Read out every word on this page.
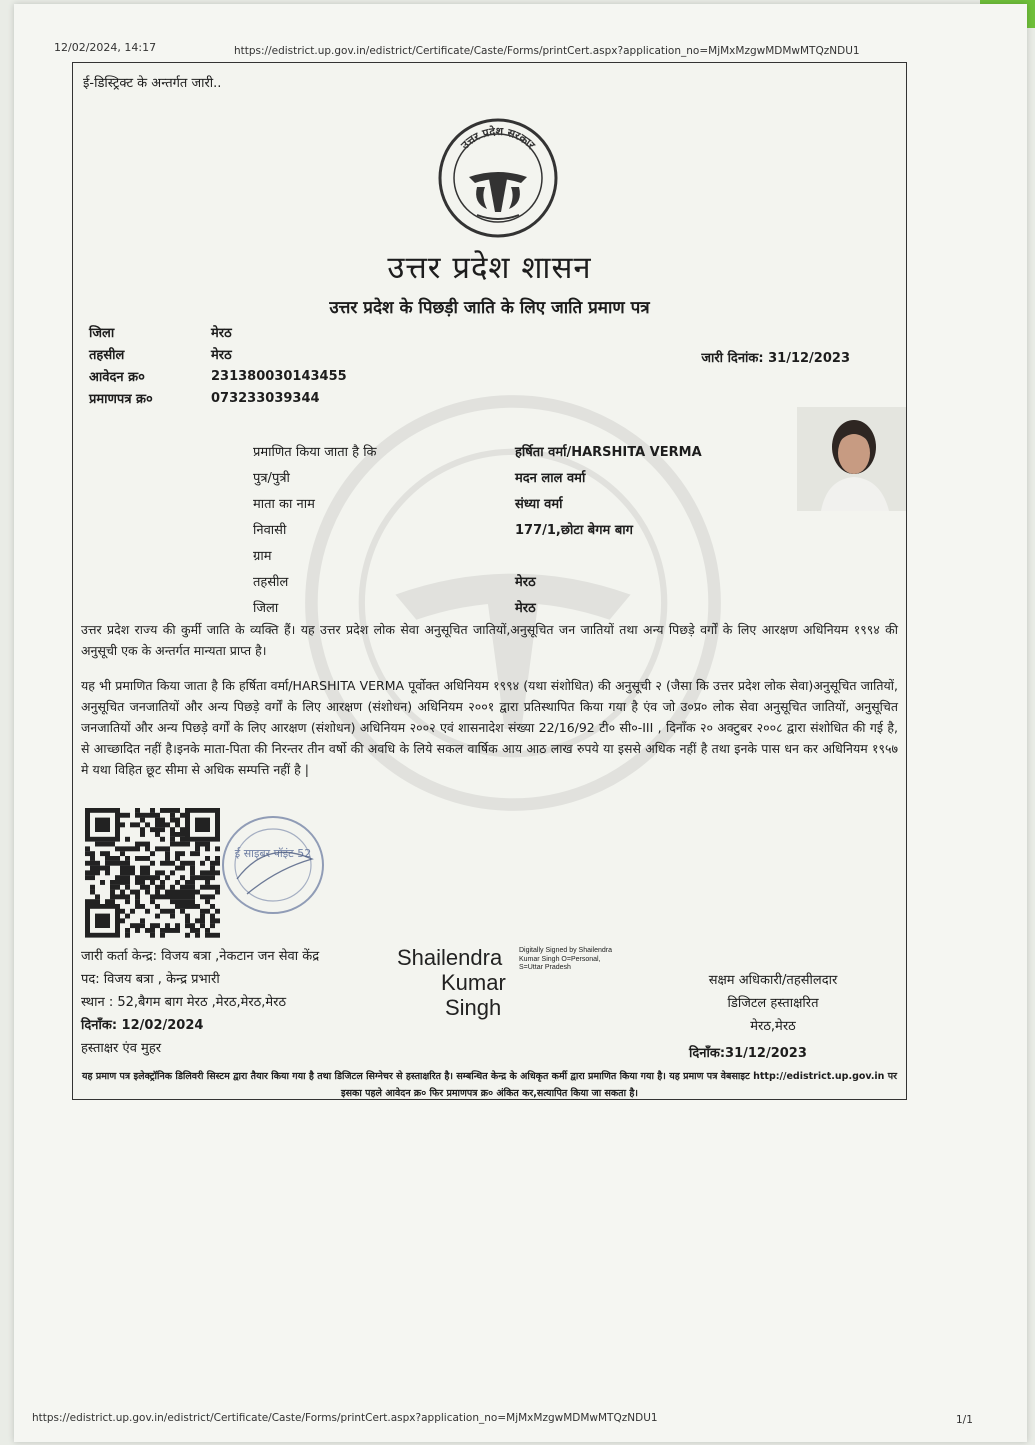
12/02/2024, 14:17	https://edistrict.up.gov.in/edistrict/Certificate/Caste/Forms/printCert.aspx?application_no=MjMxMzgwMDMwMTQzNDU1
ई-डिस्ट्रिक्ट के अन्तर्गत जारी..
उत्तर प्रदेश सरकार
उत्तर प्रदेश शासन
उत्तर प्रदेश के पिछड़ी जाति के लिए जाति प्रमाण पत्र
जिला	मेरठ
तहसील	मेरठ
आवेदन क्र०	231380030143455
प्रमाणपत्र क्र०	073233039344
जारी दिनांक: 31/12/2023
प्रमाणित किया जाता है कि	हर्षिता वर्मा/HARSHITA VERMA
पुत्र/पुत्री	मदन लाल वर्मा
माता का नाम	संध्या वर्मा
निवासी	177/1,छोटा बेगम बाग
ग्राम
तहसील	मेरठ
जिला	मेरठ
उत्तर प्रदेश राज्य की कुर्मी जाति के व्यक्ति हैं। यह उत्तर प्रदेश लोक सेवा अनुसूचित जातियों,अनुसूचित जन जातियों तथा अन्य पिछड़े वर्गों के लिए आरक्षण अधिनियम १९९४ की अनुसूची एक के अन्तर्गत मान्यता प्राप्त है।
यह भी प्रमाणित किया जाता है कि हर्षिता वर्मा/HARSHITA VERMA पूर्वोक्त अधिनियम १९९४ (यथा संशोधित) की अनुसूची २ (जैसा कि उत्तर प्रदेश लोक सेवा)अनुसूचित जातियों, अनुसूचित जनजातियों और अन्य पिछड़े वर्गों के लिए आरक्षण (संशोधन) अधिनियम २००१ द्वारा प्रतिस्थापित किया गया है एंव जो उ०प्र० लोक सेवा अनुसूचित जातियों, अनुसूचित जनजातियों और अन्य पिछड़े वर्गों के लिए आरक्षण (संशोधन) अधिनियम २००२ एवं शासनादेश संख्या 22/16/92 टी० सी०-III , दिनाँक २० अक्टुबर २००८ द्वारा संशोधित की गई है, से आच्छादित नहीं है।इनके माता-पिता की निरन्तर तीन वर्षो की अवधि के लिये सकल वार्षिक आय आठ लाख रुपये या इससे अधिक नहीं है तथा इनके पास धन कर अधिनियम १९५७ मे यथा विहित छूट सीमा से अधिक सम्पत्ति नहीं है |
ई साइबर पॉइंट 52
जारी कर्ता केन्द्र: विजय बत्रा ,नेकटान जन सेवा केंद्र
पद: विजय बत्रा , केन्द्र प्रभारी
स्थान : 52,बैगम बाग मेरठ ,मेरठ,मेरठ,मेरठ
दिनाँक: 12/02/2024
हस्ताक्षर एंव मुहर
Shailendra
Kumar
Singh
Digitally Signed by Shailendra Kumar Singh O=Personal, S=Uttar Pradesh
सक्षम अधिकारी/तहसीलदार
डिजिटल हस्ताक्षरित
मेरठ,मेरठ
दिनाँक:31/12/2023
यह प्रमाण पत्र इलेक्ट्रॉनिक डिलिवरी सिस्टम द्वारा तैयार किया गया है तथा डिजिटल सिग्नेचर से हस्ताक्षरित है। सम्बन्धित केन्द्र के अधिकृत कर्मी द्वारा प्रमाणित किया गया है। यह प्रमाण पत्र वेबसाइट http://edistrict.up.gov.in पर इसका पहले आवेदन क्र० फिर प्रमाणपत्र क्र० अंकित कर,सत्यापित किया जा सकता है।
https://edistrict.up.gov.in/edistrict/Certificate/Caste/Forms/printCert.aspx?application_no=MjMxMzgwMDMwMTQzNDU1	1/1
